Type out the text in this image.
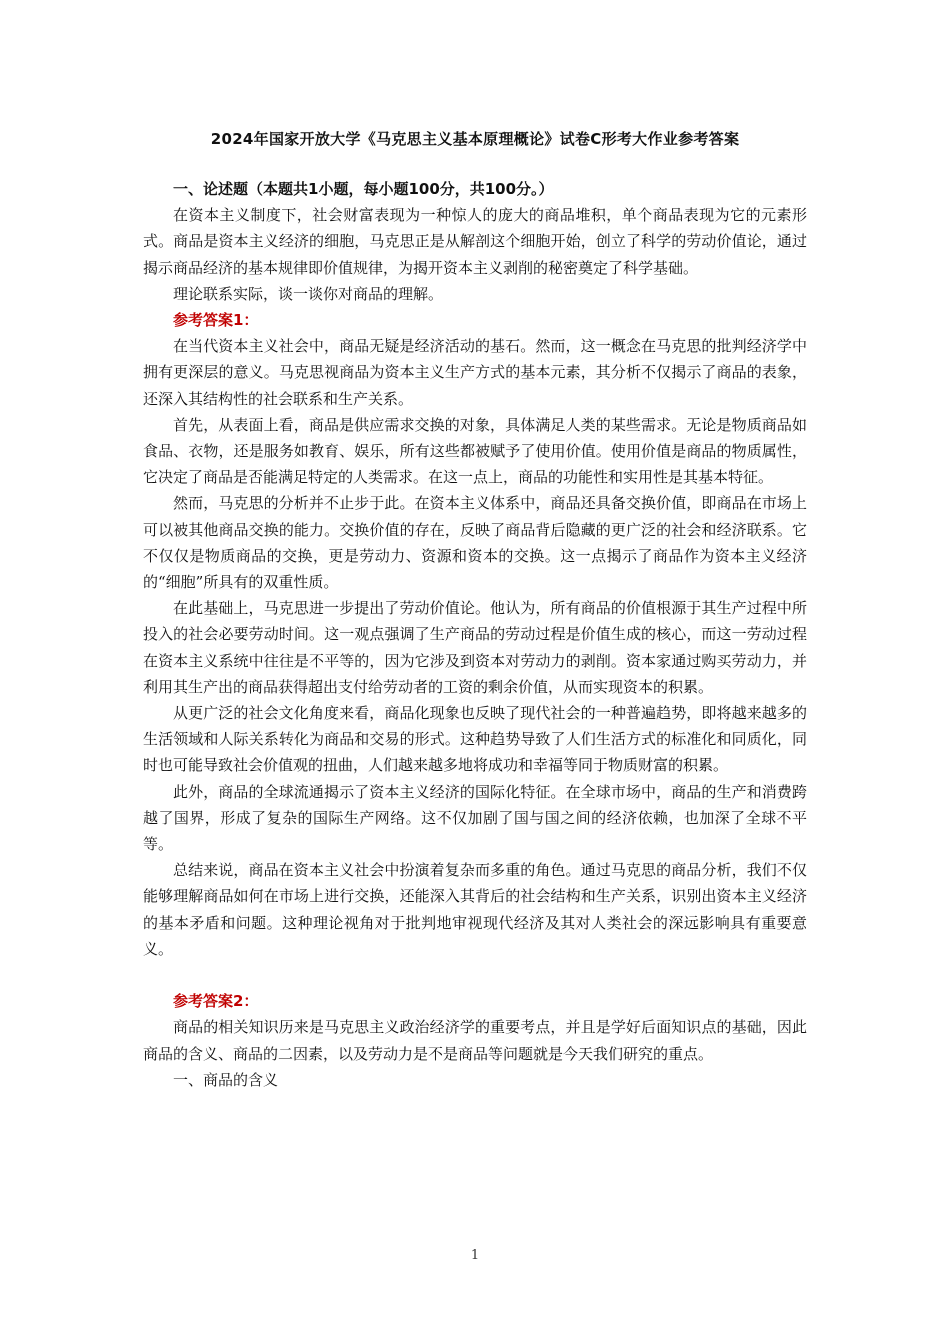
2024年国家开放大学《马克思主义基本原理概论》试卷C形考大作业参考答案

一、论述题（本题共1小题，每小题100分，共100分。）

在资本主义制度下，社会财富表现为一种惊人的庞大的商品堆积，单个商品表现为它的元素形式。商品是资本主义经济的细胞，马克思正是从解剖这个细胞开始，创立了科学的劳动价值论，通过揭示商品经济的基本规律即价值规律，为揭开资本主义剥削的秘密奠定了科学基础。

理论联系实际，谈一谈你对商品的理解。

参考答案1：

在当代资本主义社会中，商品无疑是经济活动的基石。然而，这一概念在马克思的批判经济学中拥有更深层的意义。马克思视商品为资本主义生产方式的基本元素，其分析不仅揭示了商品的表象，还深入其结构性的社会联系和生产关系。

首先，从表面上看，商品是供应需求交换的对象，具体满足人类的某些需求。无论是物质商品如食品、衣物，还是服务如教育、娱乐，所有这些都被赋予了使用价值。使用价值是商品的物质属性，它决定了商品是否能满足特定的人类需求。在这一点上，商品的功能性和实用性是其基本特征。

然而，马克思的分析并不止步于此。在资本主义体系中，商品还具备交换价值，即商品在市场上可以被其他商品交换的能力。交换价值的存在，反映了商品背后隐藏的更广泛的社会和经济联系。它不仅仅是物质商品的交换，更是劳动力、资源和资本的交换。这一点揭示了商品作为资本主义经济的“细胞”所具有的双重性质。

在此基础上，马克思进一步提出了劳动价值论。他认为，所有商品的价值根源于其生产过程中所投入的社会必要劳动时间。这一观点强调了生产商品的劳动过程是价值生成的核心，而这一劳动过程在资本主义系统中往往是不平等的，因为它涉及到资本对劳动力的剥削。资本家通过购买劳动力，并利用其生产出的商品获得超出支付给劳动者的工资的剩余价值，从而实现资本的积累。

从更广泛的社会文化角度来看，商品化现象也反映了现代社会的一种普遍趋势，即将越来越多的生活领域和人际关系转化为商品和交易的形式。这种趋势导致了人们生活方式的标准化和同质化，同时也可能导致社会价值观的扭曲，人们越来越多地将成功和幸福等同于物质财富的积累。

此外，商品的全球流通揭示了资本主义经济的国际化特征。在全球市场中，商品的生产和消费跨越了国界，形成了复杂的国际生产网络。这不仅加剧了国与国之间的经济依赖，也加深了全球不平等。

总结来说，商品在资本主义社会中扮演着复杂而多重的角色。通过马克思的商品分析，我们不仅能够理解商品如何在市场上进行交换，还能深入其背后的社会结构和生产关系，识别出资本主义经济的基本矛盾和问题。这种理论视角对于批判地审视现代经济及其对人类社会的深远影响具有重要意义。

参考答案2：

商品的相关知识历来是马克思主义政治经济学的重要考点，并且是学好后面知识点的基础，因此商品的含义、商品的二因素，以及劳动力是不是商品等问题就是今天我们研究的重点。

一、商品的含义

1
